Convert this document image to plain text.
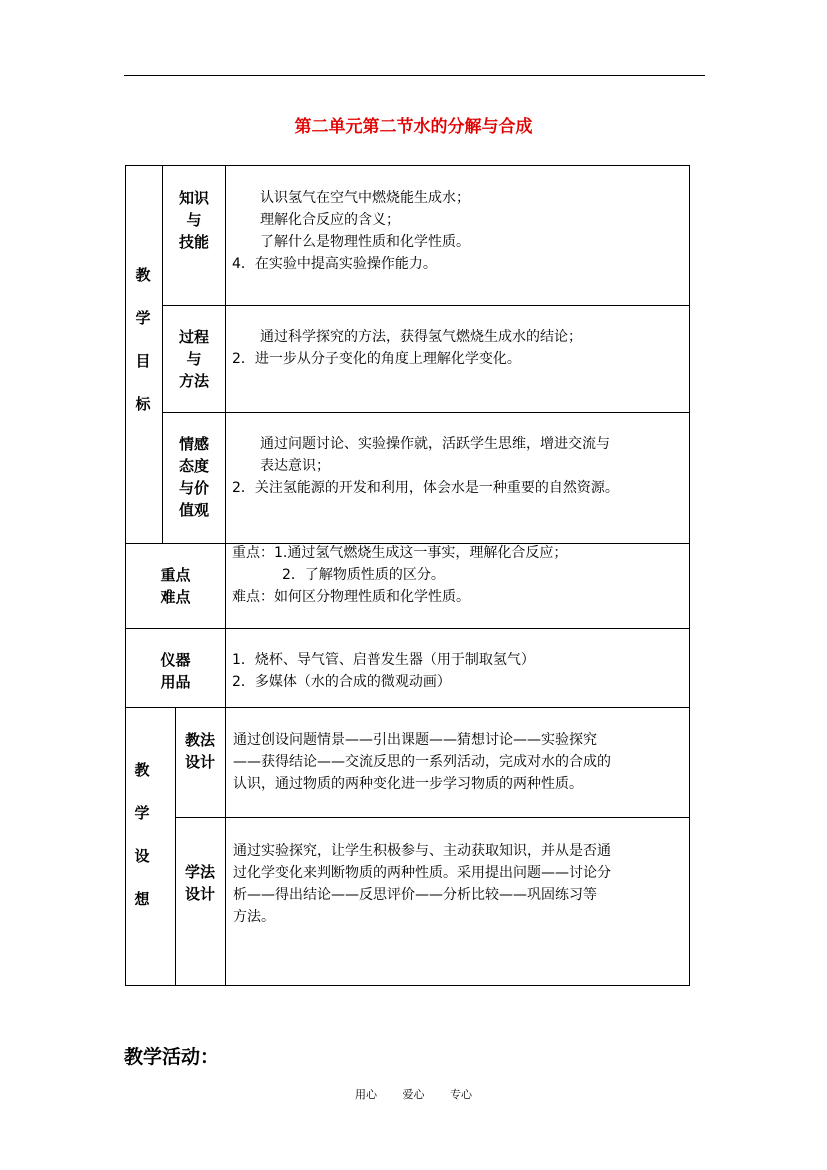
第二单元第二节水的分解与合成
教
学
目
标
知识
与
技能

认识氢气在空气中燃烧能生成水；

理解化合反应的含义；

了解什么是物理性质和化学性质。

4．在实验中提高实验操作能力。

过程
与
方法

通过科学探究的方法，获得氢气燃烧生成水的结论；

2．进一步从分子变化的角度上理解化学变化。

情感
态度
与价
值观

通过问题讨论、实验操作就，活跃学生思维，增进交流与

表达意识；

2．关注氢能源的开发和利用，体会水是一种重要的自然资源。

重点
难点

重点：1.通过氢气燃烧生成这一事实，理解化合反应；

2．了解物质性质的区分。

难点：如何区分物理性质和化学性质。

仪器
用品

1．烧杯、导气管、启普发生器（用于制取氢气）

2．多媒体（水的合成的微观动画）

教
学
设
想
教法
设计

通过创设问题情景——引出课题——猜想讨论——实验探究

——获得结论——交流反思的一系列活动，完成对水的合成的

认识，通过物质的两种变化进一步学习物质的两种性质。

学法
设计

通过实验探究，让学生积极参与、主动获取知识，并从是否通

过化学变化来判断物质的两种性质。采用提出问题——讨论分

析——得出结论——反思评价——分析比较——巩固练习等

方法。

教学活动：
用心 爱心 专心
